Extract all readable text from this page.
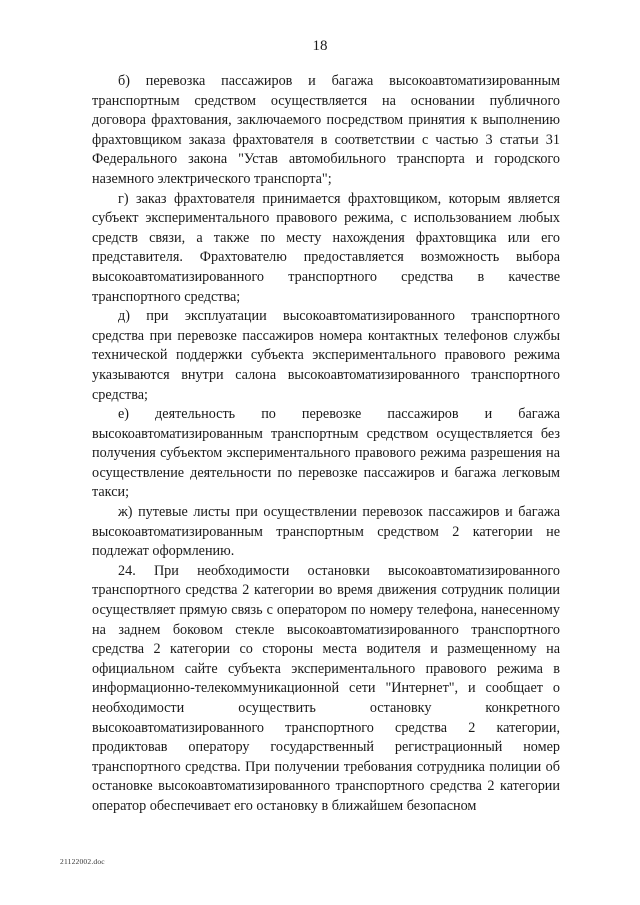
18

б) перевозка пассажиров и багажа высокоавтоматизированным транспортным средством осуществляется на основании публичного договора фрахтования, заключаемого посредством принятия к выполнению фрахтовщиком заказа фрахтователя в соответствии с частью 3 статьи 31 Федерального закона "Устав автомобильного транспорта и городского наземного электрического транспорта";

г) заказ фрахтователя принимается фрахтовщиком, которым является субъект экспериментального правового режима, с использованием любых средств связи, а также по месту нахождения фрахтовщика или его представителя. Фрахтователю предоставляется возможность выбора высокоавтоматизированного транспортного средства в качестве транспортного средства;

д) при эксплуатации высокоавтоматизированного транспортного средства при перевозке пассажиров номера контактных телефонов службы технической поддержки субъекта экспериментального правового режима указываются внутри салона высокоавтоматизированного транспортного средства;

е) деятельность по перевозке пассажиров и багажа высокоавтоматизированным транспортным средством осуществляется без получения субъектом экспериментального правового режима разрешения на осуществление деятельности по перевозке пассажиров и багажа легковым такси;

ж) путевые листы при осуществлении перевозок пассажиров и багажа высокоавтоматизированным транспортным средством 2 категории не подлежат оформлению.

24. При необходимости остановки высокоавтоматизированного транспортного средства 2 категории во время движения сотрудник полиции осуществляет прямую связь с оператором по номеру телефона, нанесенному на заднем боковом стекле высокоавтоматизированного транспортного средства 2 категории со стороны места водителя и размещенному на официальном сайте субъекта экспериментального правового режима в информационно-телекоммуникационной сети "Интернет", и сообщает о необходимости осуществить остановку конкретного высокоавтоматизированного транспортного средства 2 категории, продиктовав оператору государственный регистрационный номер транспортного средства. При получении требования сотрудника полиции об остановке высокоавтоматизированного транспортного средства 2 категории оператор обеспечивает его остановку в ближайшем безопасном

21122002.doc
